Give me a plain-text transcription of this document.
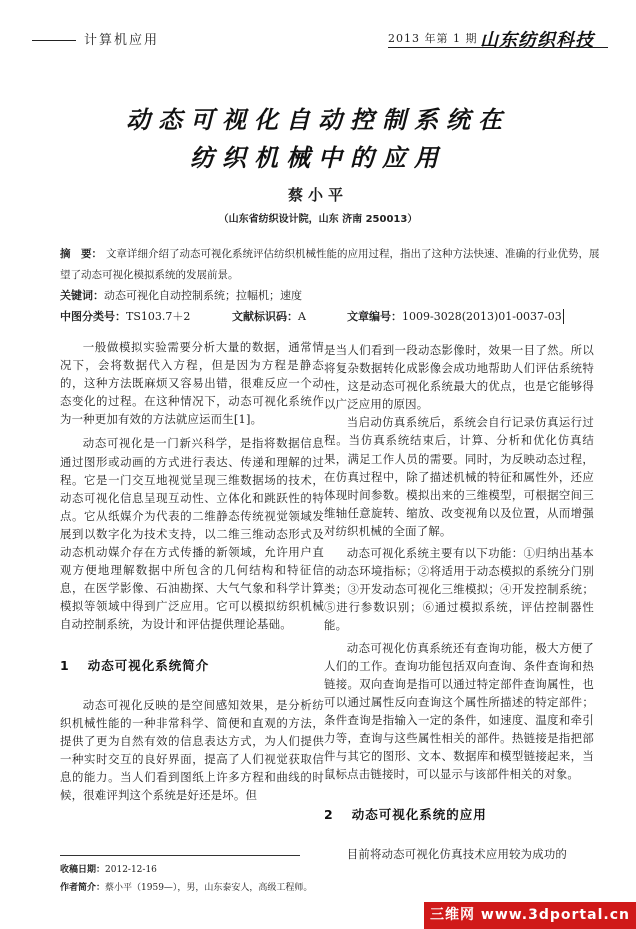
计算机应用	2013 年第 1 期 山东纺织科技
动态可视化自动控制系统在
纺织机械中的应用
蔡小平
（山东省纺织设计院，山东 济南 250013）
摘　要： 文章详细介绍了动态可视化系统评估纺织机械性能的应用过程，指出了这种方法快速、准确的行业优势，展望了动态可视化模拟系统的发展前景。
关键词：动态可视化自动控制系统；拉幅机；速度
中图分类号：TS103.7＋2	文献标识码：A	文章编号：1009-3028(2013)01-0037-03

一般做模拟实验需要分析大量的数据，通常情况下，会将数据代入方程，但是因为方程是静态的，这种方法既麻烦又容易出错，很难反应一个动态变化的过程。在这种情况下，动态可视化系统作为一种更加有效的方法就应运而生[1]。

动态可视化是一门新兴科学，是指将数据信息通过图形或动画的方式进行表达、传递和理解的过程。它是一门交互地视觉呈现三维数据场的技术，动态可视化信息呈现互动性、立体化和跳跃性的特点。它从纸媒介为代表的二维静态传统视觉领域发展到以数字化为技术支持，以二维三维动态形式及动态机动媒介存在方式传播的新领域，允许用户直观方便地理解数据中所包含的几何结构和特征信息，在医学影像、石油勘探、大气气象和科学计算模拟等领域中得到广泛应用。它可以模拟纺织机械自动控制系统，为设计和评估提供理论基础。

1 动态可视化系统简介

动态可视化反映的是空间感知效果，是分析纺织机械性能的一种非常科学、简便和直观的方法，提供了更为自然有效的信息表达方式，为人们提供一种实时交互的良好界面，提高了人们视觉获取信息的能力。当人们看到图纸上许多方程和曲线的时候，很难评判这个系统是好还是坏。但

是当人们看到一段动态影像时，效果一目了然。所以将复杂数据转化成影像会成功地帮助人们评估系统特性，这是动态可视化系统最大的优点，也是它能够得以广泛应用的原因。

当启动仿真系统后，系统会自行记录仿真运行过程。当仿真系统结束后，计算、分析和优化仿真结果，满足工作人员的需要。同时，为反映动态过程，在仿真过程中，除了描述机械的特征和属性外，还应体现时间参数。模拟出来的三维模型，可根据空间三维轴任意旋转、缩放、改变视角以及位置，从而增强对纺织机械的全面了解。

动态可视化系统主要有以下功能：①归纳出基本的动态环境指标；②将适用于动态模拟的系统分门别类；③开发动态可视化三维模拟；④开发控制系统；⑤进行参数识别；⑥通过模拟系统，评估控制器性能。

动态可视化仿真系统还有查询功能，极大方便了人们的工作。查询功能包括双向查询、条件查询和热链接。双向查询是指可以通过特定部件查询属性，也可以通过属性反向查询这个属性所描述的特定部件；条件查询是指输入一定的条件，如速度、温度和牵引力等，查询与这些属性相关的部件。热链接是指把部件与其它的图形、文本、数据库和模型链接起来，当鼠标点击链接时，可以显示与该部件相关的对象。

2 动态可视化系统的应用

目前将动态可视化仿真技术应用较为成功的

收稿日期：2012-12-16
作者简介：蔡小平（1959—），男，山东泰安人，高级工程师。
三维网 www.3dportal.cn
